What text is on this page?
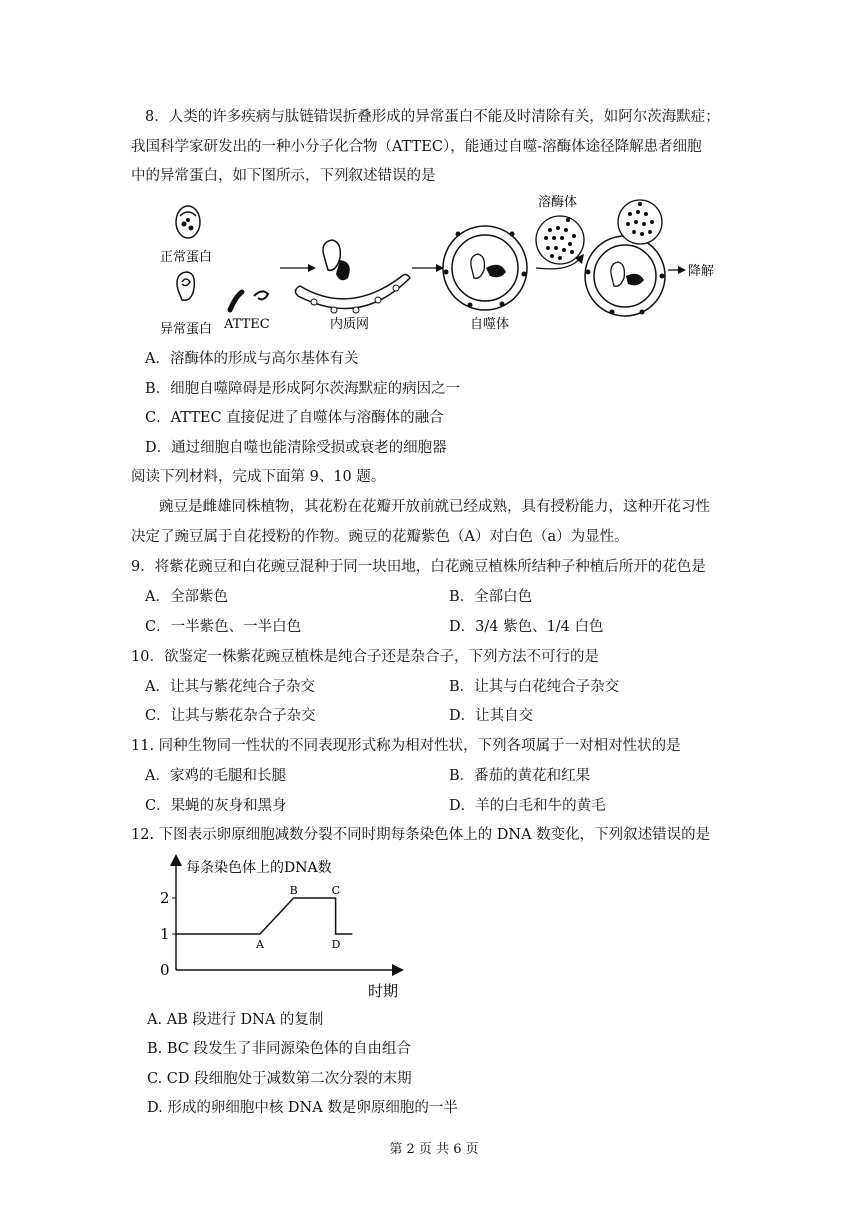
8．人类的许多疾病与肽链错误折叠形成的异常蛋白不能及时清除有关，如阿尔茨海默症；
我国科学家研发出的一种小分子化合物（ATTEC），能通过自噬-溶酶体途径降解患者细胞
中的异常蛋白，如下图所示，下列叙述错误的是
正常蛋白
异常蛋白 ATTEC	内质网	自噬体
溶酶体
降解
A．溶酶体的形成与高尔基体有关
B．细胞自噬障碍是形成阿尔茨海默症的病因之一
C．ATTEC 直接促进了自噬体与溶酶体的融合
D．通过细胞自噬也能清除受损或衰老的细胞器
阅读下列材料，完成下面第 9、10 题。
豌豆是雌雄同株植物，其花粉在花瓣开放前就已经成熟，具有授粉能力，这种开花习性
决定了豌豆属于自花授粉的作物。豌豆的花瓣紫色（A）对白色（a）为显性。
9．将紫花豌豆和白花豌豆混种于同一块田地，白花豌豆植株所结种子种植后所开的花色是
A．全部紫色	B．全部白色
C．一半紫色、一半白色	D．3/4 紫色、1/4 白色
10．欲鉴定一株紫花豌豆植株是纯合子还是杂合子，下列方法不可行的是
A．让其与紫花纯合子杂交	B．让其与白花纯合子杂交
C．让其与紫花杂合子杂交	D．让其自交
11. 同种生物同一性状的不同表现形式称为相对性状，下列各项属于一对相对性状的是
A．家鸡的毛腿和长腿	B．番茄的黄花和红果
C．果蝇的灰身和黑身	D．羊的白毛和牛的黄毛
12. 下图表示卵原细胞减数分裂不同时期每条染色体上的 DNA 数变化，下列叙述错误的是
每条染色体上的DNA数
时期
0
1
2
A
B	C
D
A. AB 段进行 DNA 的复制
B. BC 段发生了非同源染色体的自由组合
C. CD 段细胞处于减数第二次分裂的末期
D. 形成的卵细胞中核 DNA 数是卵原细胞的一半
第 2 页 共 6 页
